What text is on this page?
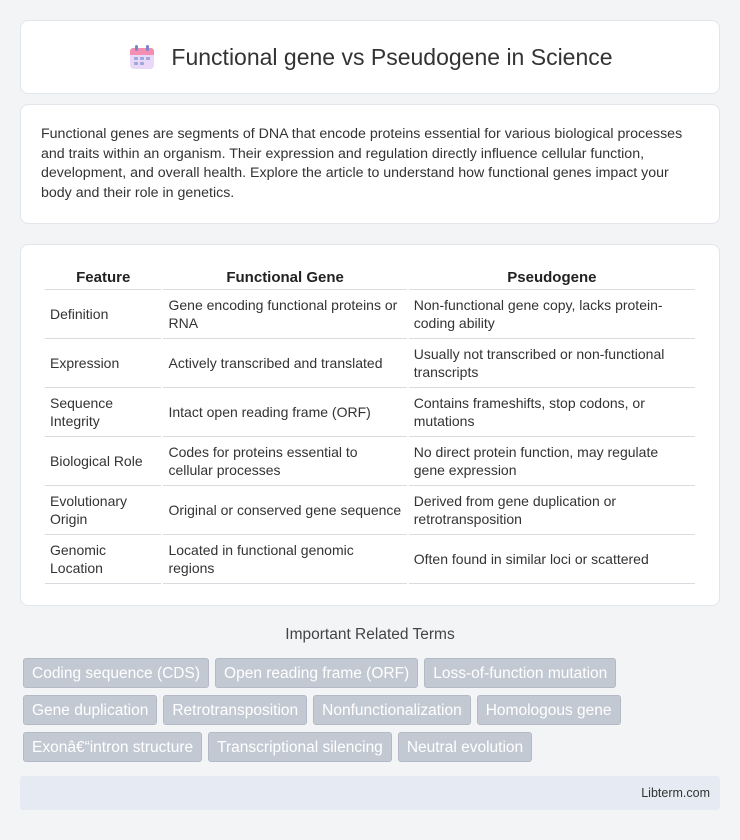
Functional gene vs Pseudogene in Science

Functional genes are segments of DNA that encode proteins essential for various biological processes and traits within an organism. Their expression and regulation directly influence cellular function, development, and overall health. Explore the article to understand how functional genes impact your body and their role in genetics.

Feature	Functional Gene	Pseudogene
Definition	Gene encoding functional proteins or RNA	Non-functional gene copy, lacks protein-coding ability
Expression	Actively transcribed and translated	Usually not transcribed or non-functional transcripts
Sequence Integrity	Intact open reading frame (ORF)	Contains frameshifts, stop codons, or mutations
Biological Role	Codes for proteins essential to cellular processes	No direct protein function, may regulate gene expression
Evolutionary Origin	Original or conserved gene sequence	Derived from gene duplication or retrotransposition
Genomic Location	Located in functional genomic regions	Often found in similar loci or scattered
Important Related Terms
Coding sequence (CDS)	Open reading frame (ORF)	Loss-of-function mutation
Gene duplication	Retrotransposition	Nonfunctionalization	Homologous gene
Exonâ€“intron structure	Transcriptional silencing	Neutral evolution
Libterm.com
